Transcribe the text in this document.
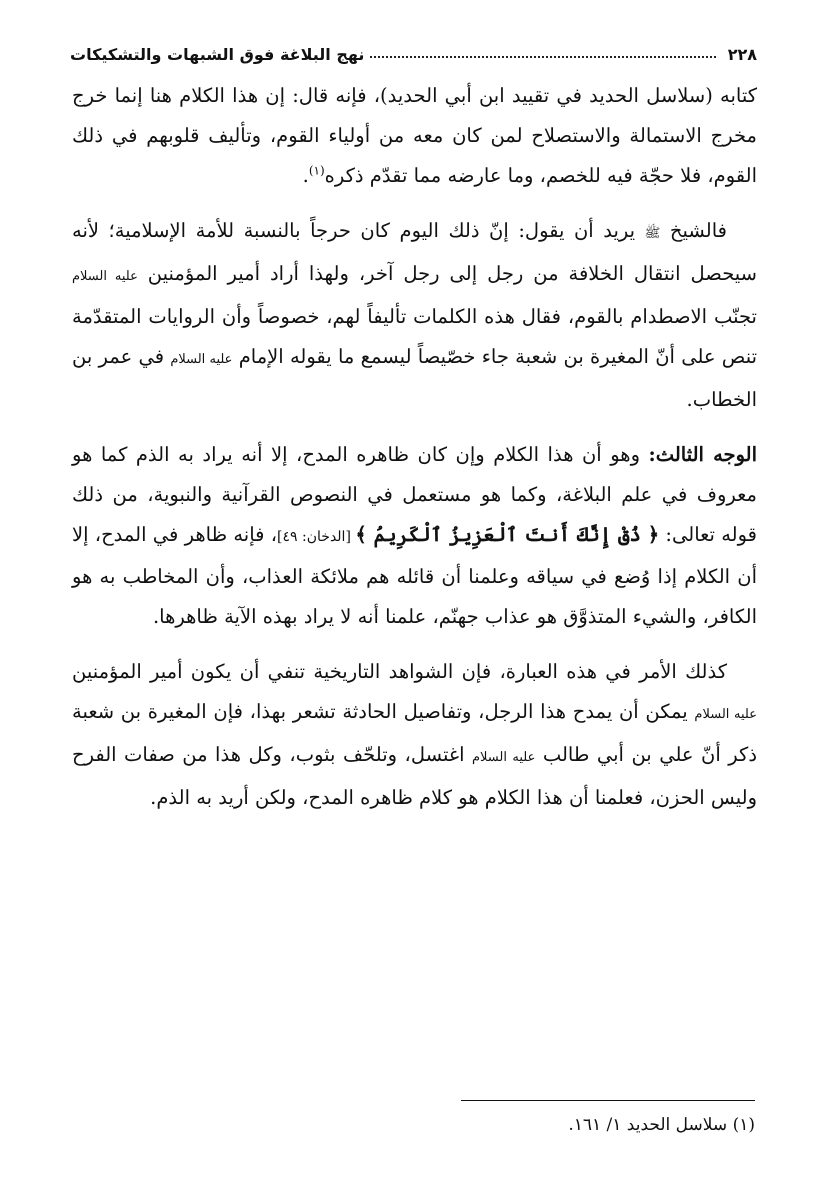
٢٢٨
نهج البلاغة فوق الشبهات والتشكيكات

كتابه (سلاسل الحديد في تقييد ابن أبي الحديد)، فإنه قال: إن هذا الكلام هنا إنما خرج مخرج الاستمالة والاستصلاح لمن كان معه من أولياء القوم، وتأليف قلوبهم في ذلك القوم، فلا حجّة فيه للخصم، وما عارضه مما تقدّم ذكره$^{(١)}$.

فالشيخ ﷺ يريد أن يقول: إنّ ذلك اليوم كان حرجاً بالنسبة للأمة الإسلامية؛ لأنه سيحصل انتقال الخلافة من رجل إلى رجل آخر، ولهذا أراد أمير المؤمنين عليه السلام تجنّب الاصطدام بالقوم، فقال هذه الكلمات تأليفاً لهم، خصوصاً وأن الروايات المتقدّمة تنص على أنّ المغيرة بن شعبة جاء خصّيصاً ليسمع ما يقوله الإمام عليه السلام في عمر بن الخطاب.

الوجه الثالث: وهو أن هذا الكلام وإن كان ظاهره المدح، إلا أنه يراد به الذم كما هو معروف في علم البلاغة، وكما هو مستعمل في النصوص القرآنية والنبوية، من ذلك قوله تعالى: ﴿ ذُقْ إِنَّكَ أَنتَ ٱلْعَزِيزُ ٱلْكَرِيمُ ﴾ [الدخان: ٤٩]، فإنه ظاهر في المدح، إلا أن الكلام إذا وُضع في سياقه وعلمنا أن قائله هم ملائكة العذاب، وأن المخاطب به هو الكافر، والشيء المتذوَّق هو عذاب جهنّم، علمنا أنه لا يراد بهذه الآية ظاهرها.

كذلك الأمر في هذه العبارة، فإن الشواهد التاريخية تنفي أن يكون أمير المؤمنين عليه السلام يمكن أن يمدح هذا الرجل، وتفاصيل الحادثة تشعر بهذا، فإن المغيرة بن شعبة ذكر أنّ علي بن أبي طالب عليه السلام اغتسل، وتلحّف بثوب، وكل هذا من صفات الفرح وليس الحزن، فعلمنا أن هذا الكلام هو كلام ظاهره المدح، ولكن أريد به الذم.

(١) سلاسل الحديد ١/ ١٦١.
